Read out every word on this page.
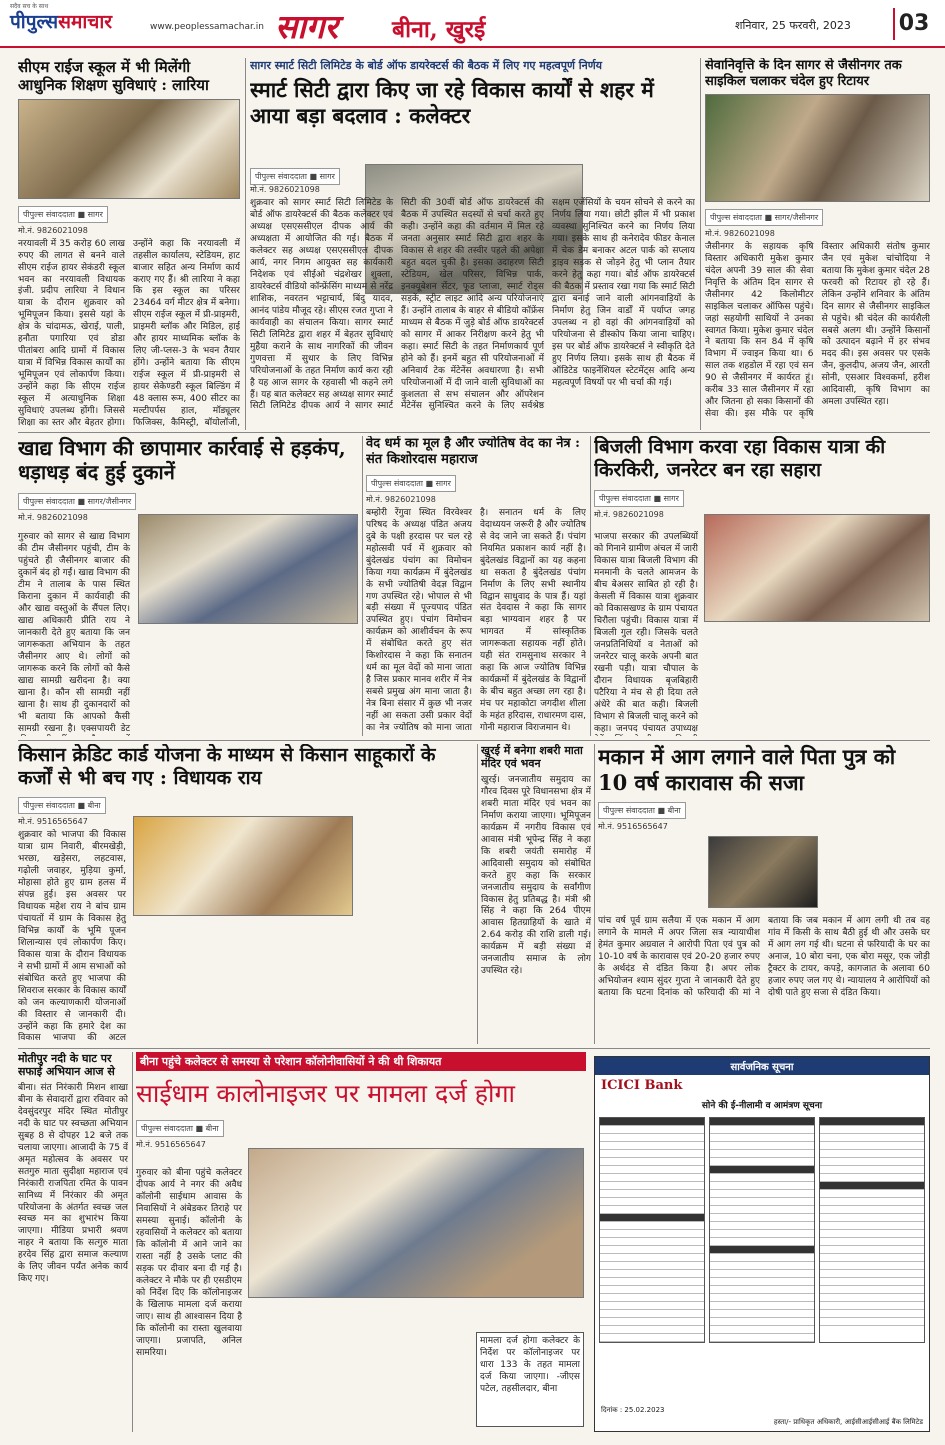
सदैव सच के साथ
पीपुल्ससमाचार	www.peoplessamachar.in सागर बीना, खुरई	शनिवार, 25 फरवरी, 2023 03
सीएम राईज स्कूल में भी मिलेंगी आधुनिक शिक्षण सुविधाएं : लारिया
पीपुल्स संवाददाता ■ सागर
मो.नं. 9826021098
नरयावली में 35 करोड़ 60 लाख रुपए की लागत से बनने वाले सीएम राईज हायर सेकंडरी स्कूल भवन का नरयावली विधायक इंजी. प्रदीप लारिया ने विधान यात्रा के दौरान शुक्रवार को भूमिपूजन किया। इससे यहां के क्षेत्र के चांदामऊ, खेराई, पाली, हनौता पगारिया एवं डोडा पीतांबरा आदि ग्रामों में विकास यात्रा में विभिन्न विकास कार्यों का भूमिपूजन एवं लोकार्पण किया। उन्होंने कहा कि सीएम राईज स्कूल में अत्याधुनिक शिक्षा सुविधाएं उपलब्ध होंगी। जिससे शिक्षा का स्तर और बेहतर होगा। उन्होंने कहा कि नरयावली में तहसील कार्यालय, स्टेडियम, हाट बाजार सहित अन्य निर्माण कार्य कराए गए हैं। श्री लारिया ने कहा कि इस स्कूल का परिसर 23464 वर्ग मीटर क्षेत्र में बनेगा। सीएम राईज स्कूल में प्री-प्राइमरी, प्राइमरी ब्लॉक और मिडिल, हाई और हायर माध्यमिक ब्लॉक के लिए जी-प्लस-3 के भवन तैयार होंगे। उन्होंने बताया कि सीएम राईज स्कूल में प्री-प्राइमरी से हायर सेकेण्डरी स्कूल बिल्डिंग में 48 क्लास रूम, 400 सीटर का मल्टीपर्पस हाल, मॉड्यूलर फिजिक्स, कैमिस्ट्री, बॉयोलॉजी,
सागर स्मार्ट सिटी लिमिटेड के बोर्ड ऑफ डायरेक्टर्स की बैठक में लिए गए महत्वपूर्ण निर्णय
स्मार्ट सिटी द्वारा किए जा रहे विकास कार्यों से शहर में आया बड़ा बदलाव : कलेक्टर
पीपुल्स संवाददाता ■ सागर
मो.नं. 9826021098
शुक्रवार को सागर स्मार्ट सिटी लिमिटेड के बोर्ड ऑफ डायरेक्टर्स की बैठक कलेक्टर एवं अध्यक्ष एसएससीएल दीपक आर्य की अध्यक्षता में आयोजित की गई। बैठक में कलेक्टर सह अध्यक्ष एसएससीएल दीपक आर्य, नगर निगम आयुक्त सह कार्यकारी निदेशक एवं सीईओ चंद्रशेखर शुक्ला, डायरेक्टर्स वीडियो कॉन्फ्रेंसिंग माध्यम से नरेंद्र शाशिक, नवरतन भट्टाचार्य, बिंदु यादव, आनंद पांडेय मौजूद रहे। सीएस रजत गुप्ता ने कार्यवाही का संचालन किया। सागर स्मार्ट सिटी लिमिटेड द्वारा शहर में बेहतर सुविधाएं मुहैया कराने के साथ नागरिकों की जीवन गुणवत्ता में सुधार के लिए विभिन्न परियोजनाओं के तहत निर्माण कार्य करा रही है यह आज सागर के रहवासी भी कहने लगे हैं। यह बात कलेक्टर सह अध्यक्ष सागर स्मार्ट सिटी लिमिटेड दीपक आर्य ने सागर स्मार्ट सिटी की 30वीं बोर्ड ऑफ डायरेक्टर्स की बैठक में उपस्थित सदस्यों से चर्चा करते हुए कही। उन्होंने कहा की वर्तमान में मिल रहे जनता अनुसार स्मार्ट सिटी द्वारा शहर के विकास से शहर की तस्वीर पहले की अपेक्षा बहुत बदल चुकी है। इसका उदाहरण सिटी स्टेडियम, खेल परिसर, विभिन्न पार्क, इनक्यूबेशन सेंटर, फूड प्लाजा, स्मार्ट रोड्स सड़कें, स्ट्रीट लाइट आदि अन्य परियोजनाएं हैं। उन्होंने तालाब के बाहर से बीडियो कॉफ्रेंस माध्यम से बैठक में जुड़े बोर्ड ऑफ डायरेक्टर्स को सागर में आकर निरीक्षण करने हेतु भी कहा। स्मार्ट सिटी के तहत निर्माणकार्य पूर्ण होने को हैं। इनमें बहुत सी परियोजनाओं में अनिवार्य टेक मेंटेनेंस अवधारणा है। सभी परियोजनाओं में दी जाने वाली सुविधाओं का कुशलता से सभ संचालन और ऑपरेशन मेंटेनेंस सुनिश्चित करने के लिए सर्वश्रेष्ठ सक्षम एजेंसियों के चयन सोचने से करने का निर्णय लिया गया। छोटी झील में भी प्रकाश व्यवस्था सुनिश्चित करने का निर्णय लिया गया। इसके साथ ही कनेरादेव फीडर केनाल में चेक डेम बनाकर अटल पार्क को सप्लाय ड्राइव सड़क से जोड़ने हेतु भी प्लान तैयार करने हेतु कहा गया। बोर्ड ऑफ डायरेक्टर्स की बैठक में प्रस्ताव रखा गया कि स्मार्ट सिटी द्वारा बनाई जाने वाली आंगनवाड़ियों के निर्माण हेतु जिन वार्डों में पर्याप्त जगह उपलब्ध न हो वहां की आंगनवाड़ियों को परियोजना से डीस्कोप किया जाना चाहिए। इस पर बोर्ड ऑफ डायरेक्टर्स ने स्वीकृति देते हुए निर्णय लिया। इसके साथ ही बैठक में ऑडिटेड फाइनेंशियल स्टेटमेंट्स आदि अन्य महत्वपूर्ण विषयों पर भी चर्चा की गई।
सेवानिवृत्ति के दिन सागर से जैसीनगर तक साइकिल चलाकर चंदेल हुए रिटायर
पीपुल्स संवाददाता ■ सागर/जैसीनगर
मो.नं. 9826021098
जैसीनगर के सहायक कृषि विस्तार अधिकारी मुकेश कुमार चंदेल अपनी 39 साल की सेवा निवृत्ति के अंतिम दिन सागर से जैसीनगर 42 किलोमीटर साइकिल चलाकर ऑफिस पहुंचे। जहां सहयोगी साथियों ने उनका स्वागत किया। मुकेश कुमार चंदेल ने बताया कि सन 84 में कृषि विभाग में ज्वाइन किया था। 6 साल तक शहडोल में रहा एवं सन 90 से जैसीनगर में कार्यरत हूं। करीब 33 साल जैसीनगर में रहा और जितना हो सका किसानों की सेवा की। इस मौके पर कृषि विस्तार अधिकारी संतोष कुमार जैन एवं मुकेश चांचोदिया ने बताया कि मुकेश कुमार चंदेल 28 फरवरी को रिटायर हो रहे हैं। लेकिन उन्होंने शनिवार के अंतिम दिन सागर से जैसीनगर साइकिल से पहुंचे। श्री चंदेल की कार्यशैली सबसे अलग थी। उन्होंने किसानों को उत्पादन बढ़ाने में हर संभव मदद की। इस अवसर पर एसके जैन, कुलदीप, अजय जैन, आरती सोनी, एसआर विश्वकर्मा, हरीश आदिवासी, कृषि विभाग का अमला उपस्थित रहा।
खाद्य विभाग की छापामार कार्रवाई से हड़कंप, धड़ाधड़ बंद हुई दुकानें
पीपुल्स संवाददाता ■ सागर/जैसीनगर
मो.नं. 9826021098
गुरुवार को सागर से खाद्य विभाग की टीम जैसीनगर पहुंची, टीम के पहुंचते ही जैसीनगर बाजार की दुकानें बंद हो गईं। खाद्य विभाग की टीम ने तालाब के पास स्थित किराना दुकान में कार्यवाही की और खाद्य वस्तुओं के सैंपल लिए। खाद्य अधिकारी प्रीति राय ने जानकारी देते हुए बताया कि जन जागरूकता अभियान के तहत जैसीनगर आए थे। लोगों को जागरूक करने कि लोगों को कैसे खाद्य सामग्री खरीदना है। क्या खाना है। कौन सी सामग्री नहीं खाना है। साथ ही दुकानदारों को भी बताया कि आपको कैसी सामग्री रखना है। एक्सपायरी डेट
वेद धर्म का मूल है और ज्योतिष वेद का नेत्र : संत किशोरदास महाराज
पीपुल्स संवाददाता ■ सागर
मो.नं. 9826021098
बम्होरी रेंगुवा स्थित विरवेश्वर परिषद के अध्यक्ष पंडित अजय दुबे के पक्षी हरदास पर चल रहे महोत्सवी पर्व में शुक्रवार को बुंदेलखंड पंचांग का विमोचन किया गया कार्यक्रम में बुंदेलखंड के सभी ज्योतिषी वेदज्ञ विद्वान गण उपस्थित रहे। भोपाल से भी बड़ी संख्या में पूज्यपाद पंडित उपस्थित हुए। पंचांग विमोचन कार्यक्रम को आशीर्वचन के रूप में संबोधित करते हुए संत किशोरदास ने कहा कि सनातन धर्म का मूल वेदों को माना जाता है जिस प्रकार मानव शरीर में नेत्र सबसे प्रमुख अंग माना जाता है। नेत्र बिना संसार में कुछ भी नजर नहीं आ सकता उसी प्रकार वेदों का नेत्र ज्योतिष को माना जाता है। सनातन धर्म के लिए वेदाध्ययन जरूरी है और ज्योतिष से वेद जाने जा सकते हैं। पंचांग नियमित प्रकाशन कार्य नहीं है। बुंदेलखंड विद्वानों का यह कहना था सकता है बुंदेलखंड पंचांग निर्माण के लिए सभी स्थानीय विद्वान साधुवाद के पात्र हैं। यहां संत देवदास ने कहा कि सागर बड़ा भाग्यवान शहर है पर भागवत में सांस्कृतिक जागरूकता सहायक नहीं होते। यही संत रामसुनाथ सरकार ने कहा कि आज ज्योतिष विभिन्न कार्यक्रमों में बुंदेलखंड के विद्वानों के बीच बहुत अच्छा लग रहा है। मंच पर महाकोटा जगदीश शीला के महंत हरिदास, राधारमण दास, गोनी महाराज विराजमान थे।
बिजली विभाग करवा रहा विकास यात्रा की किरकिरी, जनरेटर बन रहा सहारा
पीपुल्स संवाददाता ■ सागर
मो.नं. 9826021098
भाजपा सरकार की उपलब्धियों को गिनाने ग्रामीण अंचल में जारी विकास यात्रा बिजली विभाग की मनमानी के चलते आमजन के बीच बेअसर साबित हो रही है। केसली में विकास यात्रा शुक्रवार को विकासखण्ड के ग्राम पंचायत चिरौला पहुंची। विकास यात्रा में बिजली गुल रही। जिसके चलते जनप्रतिनिधियों व नेताओं को जनरेटर चालू करके अपनी बात रखनी पड़ी। यात्रा चौपाल के दौरान विधायक बृजबिहारी पटैरिया ने मंच से ही दिया तले अंधेरे की बात कही। बिजली विभाग से बिजली चालू करने को कहा। जनपद पंचायत उपाध्यक्ष
किसान क्रेडिट कार्ड योजना के माध्यम से किसान साहूकारों के कर्जों से भी बच गए : विधायक राय
पीपुल्स संवाददाता ■ बीना
मो.नं. 9516565647
शुक्रवार को भाजपा की विकास यात्रा ग्राम निवारी, बीरमखेड़ी, भरछा, खड़ेसरा, लहटवास, गढ़ोली जवाहर, मुड़िया कुर्मा, मोहासा होते हुए ग्राम हलस में संपन्न हुई। इस अवसर पर विधायक महेश राय ने बांच ग्राम पंचायतों में ग्राम के विकास हेतु विभिन्न कार्यों के भूमि पूजन शिलान्यास एवं लोकार्पण किए। विकास यात्रा के दौरान विधायक ने सभी ग्रामों में आम सभाओं को संबोधित करते हुए भाजपा की शिवराज सरकार के विकास कार्यों को जन कल्याणकारी योजनाओं की विस्तार से जानकारी दी। उन्होंने कहा कि हमारे देश का विकास भाजपा की अटल
खुरई में बनेगा शबरी माता मंदिर एवं भवन
खुरई। जनजातीय समुदाय का गौरव दिवस पूरे विधानसभा क्षेत्र में शबरी माता मंदिर एवं भवन का निर्माण कराया जाएगा। भूमिपूजन कार्यक्रम में नगरीय विकास एवं आवास मंत्री भूपेन्द्र सिंह ने कहा कि शबरी जयंती समारोह में आदिवासी समुदाय को संबोधित करते हुए कहा कि सरकार जनजातीय समुदाय के सर्वांगीण विकास हेतु प्रतिबद्ध है। मंत्री श्री सिंह ने कहा कि 264 पीएम आवास हितग्राहियों के खाते में 2.64 करोड़ की राशि डाली गई। कार्यक्रम में बड़ी संख्या में जनजातीय समाज के लोग उपस्थित रहे।
मकान में आग लगाने वाले पिता पुत्र को 10 वर्ष कारावास की सजा
पीपुल्स संवाददाता ■ बीना
मो.नं. 9516565647
पांच वर्ष पूर्व ग्राम सलैया में एक मकान में आग लगाने के मामले में अपर जिला सत्र न्यायाधीश हेमंत कुमार अग्रवाल ने आरोपी पिता एवं पुत्र को 10-10 वर्ष के कारावास एवं 20-20 हजार रुपए के अर्थदंड से दंडित किया है। अपर लोक अभियोजन श्याम सुंदर गुप्ता ने जानकारी देते हुए बताया कि घटना दिनांक को फरियादी की मां ने बताया कि जब मकान में आग लगी थी तब वह गांव में किसी के साथ बैठी हुई थी और उसके घर में आग लग गई थी। घटना से फरियादी के घर का अनाज, 10 बोरा चना, एक बोरा मसूर, एक जोड़ी ट्रैक्टर के टायर, कपड़े, कागजात के अलावा 60 हजार रुपए जल गए थे। न्यायालय ने आरोपियों को दोषी पाते हुए सजा से दंडित किया।
मोतीपुर नदी के घाट पर सफाई अभियान आज से
बीना। संत निरंकारी मिशन शाखा बीना के सेवादारों द्वारा रविवार को देवसुंदरपुर मंदिर स्थित मोतीपुर नदी के घाट पर स्वच्छता अभियान सुबह 8 से दोपहर 12 बजे तक चलाया जाएगा। आजादी के 75 वें अमृत महोत्सव के अवसर पर सतगुरु माता सुदीक्षा महाराज एवं निरंकारी राजपिता रमित के पावन सानिध्य में निरंकार की अमृत परियोजना के अंतर्गत स्वच्छ जल स्वच्छ मन का शुभारंभ किया जाएगा। मीडिया प्रभारी श्रवण नाहर ने बताया कि सत्गुरु माता हरदेव सिंह द्वारा समाज कल्याण के लिए जीवन पर्यंत अनेक कार्य किए गए।
बीना पहुंचे कलेक्टर से समस्या से परेशान कॉलोनीवासियों ने की थी शिकायत
साईधाम कालोनाइजर पर मामला दर्ज होगा
पीपुल्स संवाददाता ■ बीना
मो.नं. 9516565647
गुरुवार को बीना पहुंचे कलेक्टर दीपक आर्य ने नगर की अवैध कॉलोनी साईधाम आवास के निवासियों ने अंबेडकर तिराहे पर समस्या सुनाई। कॉलोनी के रहवासियों ने कलेक्टर को बताया कि कॉलोनी में आने जाने का रास्ता नहीं है उसके प्लाट की सड़क पर दीवार बना दी गई है। कलेक्टर ने मौके पर ही एसडीएम को निर्देश दिए कि कॉलोनाइजर के खिलाफ मामला दर्ज कराया जाए। साथ ही आश्वासन दिया है कि कॉलोनी का रास्ता खुलवाया जाएगा। प्रजापति, अनिल सामरिया।
मामला दर्ज होगा कलेक्टर के निर्देश पर कॉलोनाइजर पर धारा 133 के तहत मामला दर्ज किया जाएगा। -जीएस पटेल, तहसीलदार, बीना
सार्वजनिक सूचना
ICICI Bank
सोने की ई-नीलामी व आमंत्रण सूचना
दिनांक : 25.02.2023
हस्ता/- प्राधिकृत अधिकारी, आईसीआईसीआई बैंक लिमिटेड
